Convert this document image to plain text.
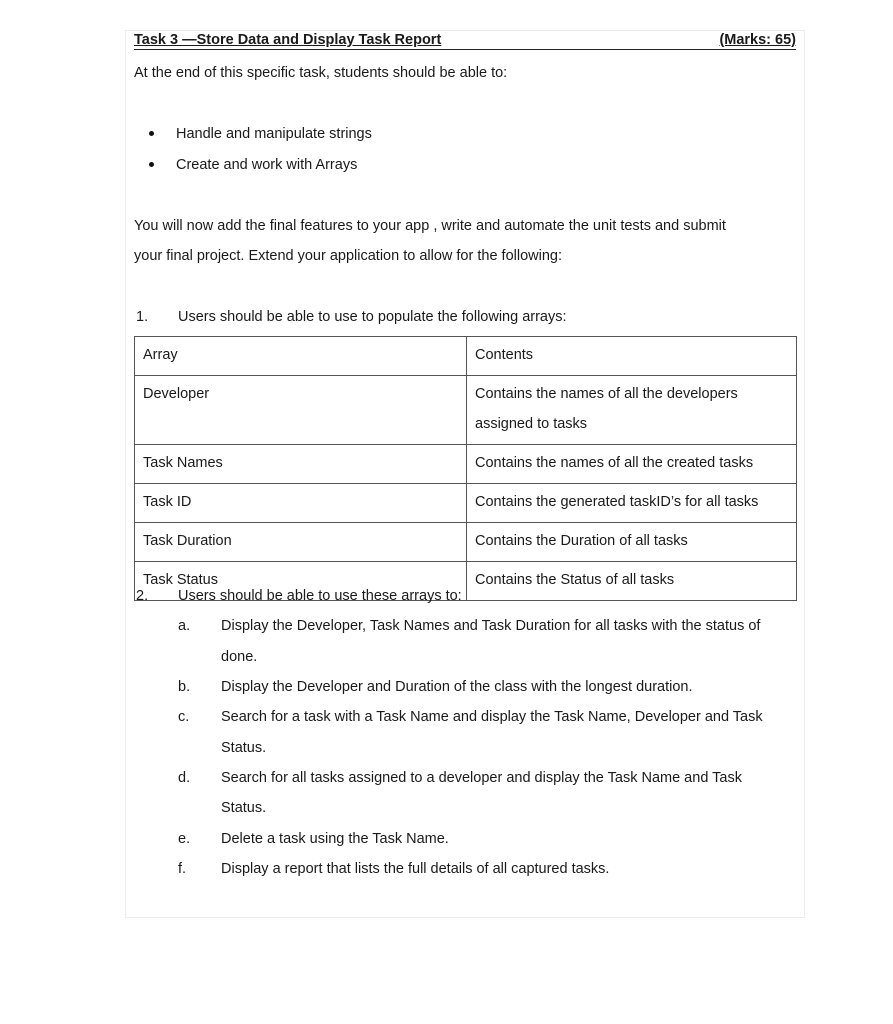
Task 3 —Store Data and Display Task Report	(Marks: 65)
At the end of this specific task, students should be able to:
Handle and manipulate strings
Create and work with Arrays
You will now add the final features to your app , write and automate the unit tests and submit
your final project. Extend your application to allow for the following:
1. Users should be able to use to populate the following arrays:
Array	Contents
Developer	Contains the names of all the developers assigned to tasks
Task Names	Contains the names of all the created tasks
Task ID	Contains the generated taskID’s for all tasks
Task Duration	Contains the Duration of all tasks
Task Status	Contains the Status of all tasks
2. Users should be able to use these arrays to:
a.	Display the Developer, Task Names and Task Duration for all tasks with the status of
done.
b.	Display the Developer and Duration of the class with the longest duration.
c.	Search for a task with a Task Name and display the Task Name, Developer and Task
Status.
d.	Search for all tasks assigned to a developer and display the Task Name and Task
Status.
e.	Delete a task using the Task Name.
f.	Display a report that lists the full details of all captured tasks.
